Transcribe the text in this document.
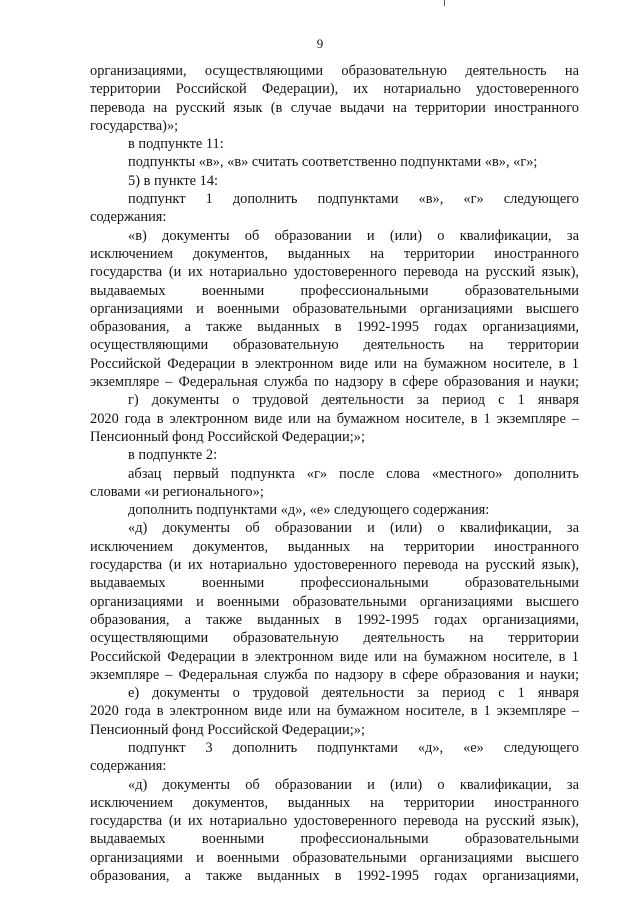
9
организациями, осуществляющими образовательную деятельность на
территории Российской Федерации), их нотариально удостоверенного
перевода на русский язык (в случае выдачи на территории иностранного
государства)»;
в подпункте 11:
подпункты «в», «в» считать соответственно подпунктами «в», «г»;
5) в пункте 14:
подпункт 1 дополнить подпунктами «в», «г» следующего
содержания:
«в) документы об образовании и (или) о квалификации, за
исключением документов, выданных на территории иностранного
государства (и их нотариально удостоверенного перевода на русский язык),
выдаваемых военными профессиональными образовательными
организациями и военными образовательными организациями высшего
образования, а также выданных в 1992-1995 годах организациями,
осуществляющими образовательную деятельность на территории
Российской Федерации в электронном виде или на бумажном носителе, в 1
экземпляре – Федеральная служба по надзору в сфере образования и науки;
г) документы о трудовой деятельности за период с 1 января
2020 года в электронном виде или на бумажном носителе, в 1 экземпляре –
Пенсионный фонд Российской Федерации;»;
в подпункте 2:
абзац первый подпункта «г» после слова «местного» дополнить
словами «и регионального»;
дополнить подпунктами «д», «е» следующего содержания:
«д) документы об образовании и (или) о квалификации, за
исключением документов, выданных на территории иностранного
государства (и их нотариально удостоверенного перевода на русский язык),
выдаваемых военными профессиональными образовательными
организациями и военными образовательными организациями высшего
образования, а также выданных в 1992-1995 годах организациями,
осуществляющими образовательную деятельность на территории
Российской Федерации в электронном виде или на бумажном носителе, в 1
экземпляре – Федеральная служба по надзору в сфере образования и науки;
е) документы о трудовой деятельности за период с 1 января
2020 года в электронном виде или на бумажном носителе, в 1 экземпляре –
Пенсионный фонд Российской Федерации;»;
подпункт 3 дополнить подпунктами «д», «е» следующего
содержания:
«д) документы об образовании и (или) о квалификации, за
исключением документов, выданных на территории иностранного
государства (и их нотариально удостоверенного перевода на русский язык),
выдаваемых военными профессиональными образовательными
организациями и военными образовательными организациями высшего
образования, а также выданных в 1992-1995 годах организациями,
